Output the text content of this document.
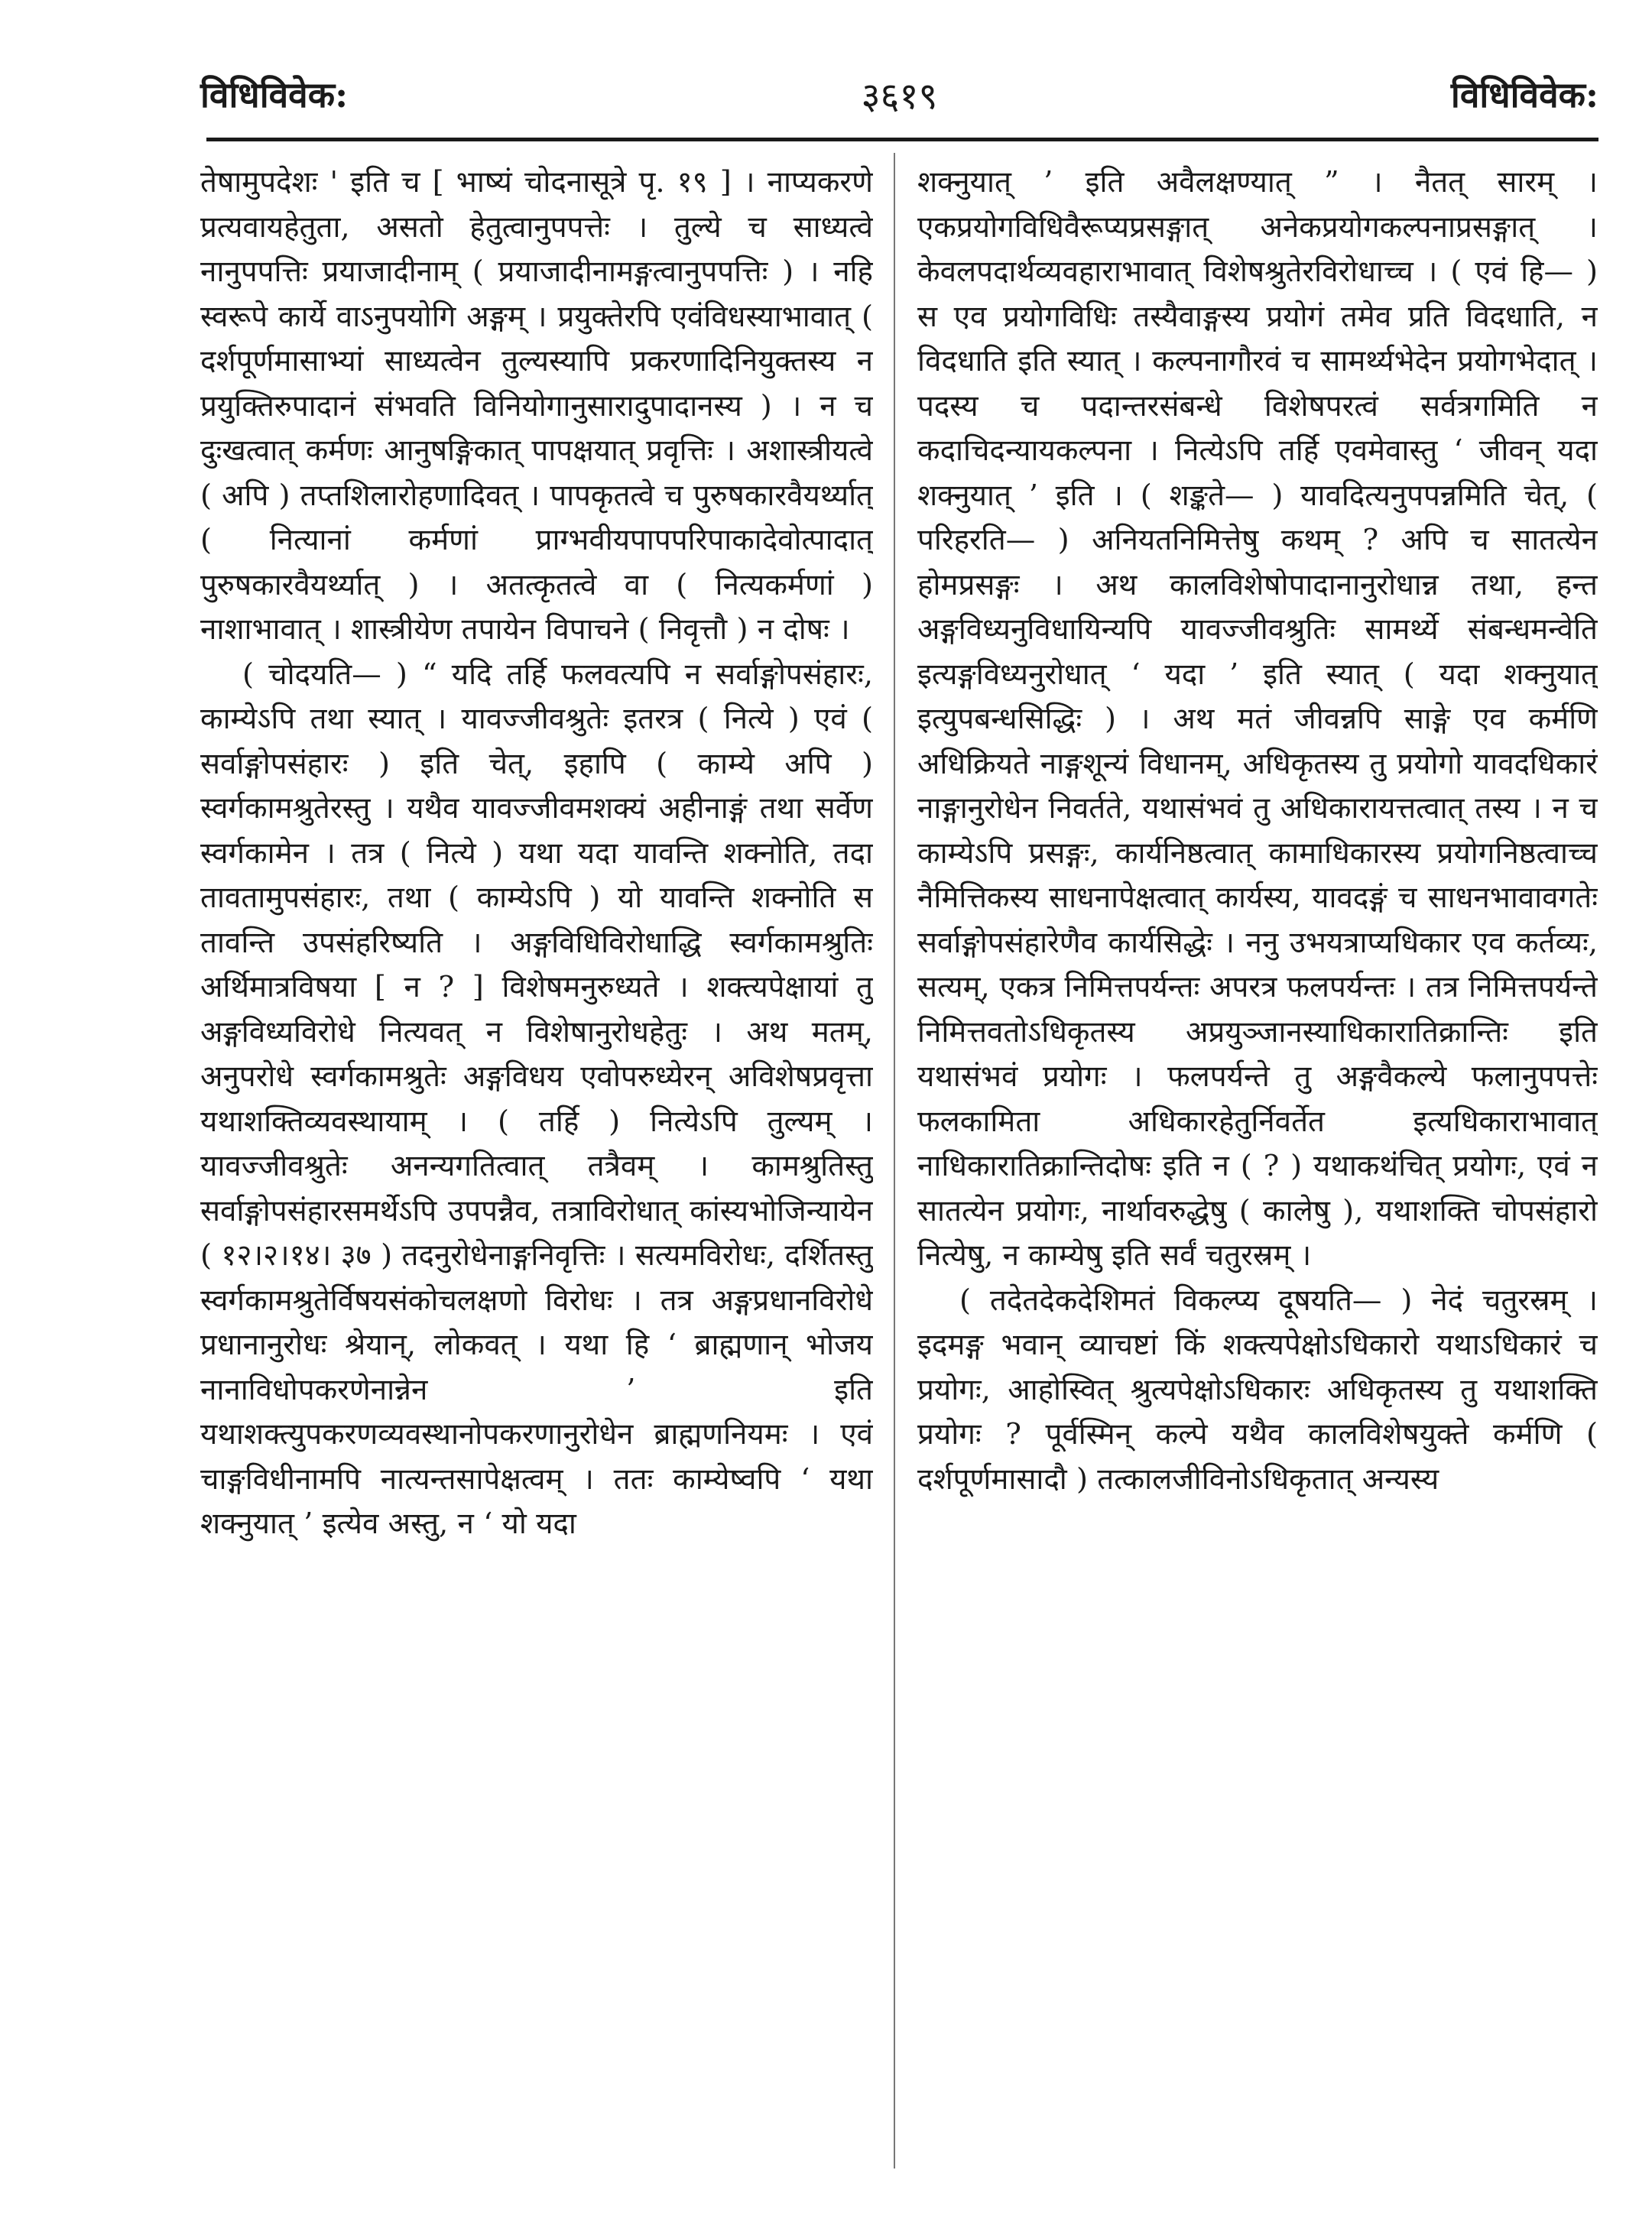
विधिविवेक:	३६१९	विधिविवेक:

तेषामुपदेशः ' इति च [ भाष्यं चोदनासूत्रे पृ. १९ ] । नाप्यकरणे प्रत्यवायहेतुता, असतो हेतुत्वानुपपत्तेः । तुल्ये च साध्यत्वे नानुपपत्तिः प्रयाजादीनाम् ( प्रयाजादीनामङ्गत्वानुपपत्तिः ) । नहि स्वरूपे कार्ये वाऽनुपयोगि अङ्गम् । प्रयुक्तेरपि एवंविधस्याभावात् ( दर्शपूर्णमासाभ्यां साध्यत्वेन तुल्यस्यापि प्रकरणादिनियुक्तस्य न प्रयुक्तिरुपादानं संभवति विनियोगानुसारादुपादानस्य ) । न च दुःखत्वात् कर्मणः आनुषङ्गिकात् पापक्षयात् प्रवृत्तिः । अशास्त्रीयत्वे ( अपि ) तप्तशिलारोहणादिवत् । पापकृतत्वे च पुरुषकारवैयर्थ्यात् ( नित्यानां कर्मणां प्राग्भवीयपापपरिपाकादेवोत्पादात् पुरुषकारवैयर्थ्यात् ) । अतत्कृतत्वे वा ( नित्यकर्मणां ) नाशाभावात् । शास्त्रीयेण तपायेन विपाचने ( निवृत्तौ ) न दोषः ।

( चोदयति— ) “ यदि तर्हि फलवत्यपि न सर्वाङ्गोपसंहारः, काम्येऽपि तथा स्यात् । यावज्जीवश्रुतेः इतरत्र ( नित्ये ) एवं ( सर्वाङ्गोपसंहारः ) इति चेत्, इहापि ( काम्ये अपि ) स्वर्गकामश्रुतेरस्तु । यथैव यावज्जीवमशक्यं अहीनाङ्गं तथा सर्वेण स्वर्गकामेन । तत्र ( नित्ये ) यथा यदा यावन्ति शक्नोति, तदा तावतामुपसंहारः, तथा ( काम्येऽपि ) यो यावन्ति शक्नोति स तावन्ति उपसंहरिष्यति । अङ्गविधिविरोधाद्धि स्वर्गकामश्रुतिः अर्थिमात्रविषया [ न ? ] विशेषमनुरुध्यते । शक्त्यपेक्षायां तु अङ्गविध्यविरोधे नित्यवत् न विशेषानुरोधहेतुः । अथ मतम्, अनुपरोधे स्वर्गकामश्रुतेः अङ्गविधय एवोपरुध्येरन् अविशेषप्रवृत्ता यथाशक्तिव्यवस्थायाम् । ( तर्हि ) नित्येऽपि तुल्यम् । यावज्जीवश्रुतेः अनन्यगतित्वात् तत्रैवम् । कामश्रुतिस्तु सर्वाङ्गोपसंहारसमर्थेऽपि उपपन्नैव, तत्राविरोधात् कांस्यभोजिन्यायेन ( १२।२।१४। ३७ ) तदनुरोधेनाङ्गनिवृत्तिः । सत्यमविरोधः, दर्शितस्तु स्वर्गकामश्रुतेर्विषयसंकोचलक्षणो विरोधः । तत्र अङ्गप्रधानविरोधे प्रधानानुरोधः श्रेयान्, लोकवत् । यथा हि ‘ ब्राह्मणान् भोजय नानाविधोपकरणेनान्नेन ’ इति यथाशक्त्युपकरणव्यवस्थानोपकरणानुरोधेन ब्राह्मणनियमः । एवं चाङ्गविधीनामपि नात्यन्तसापेक्षत्वम् । ततः काम्येष्वपि ‘ यथा शक्नुयात् ’ इत्येव अस्तु, न ‘ यो यदा

शक्नुयात् ’ इति अवैलक्षण्यात् ” । नैतत् सारम् । एकप्रयोगविधिवैरूप्यप्रसङ्गात् अनेकप्रयोगकल्पनाप्रसङ्गात् । केवलपदार्थव्यवहाराभावात् विशेषश्रुतेरविरोधाच्च । ( एवं हि— ) स एव प्रयोगविधिः तस्यैवाङ्गस्य प्रयोगं तमेव प्रति विदधाति, न विदधाति इति स्यात् । कल्पनागौरवं च सामर्थ्यभेदेन प्रयोगभेदात् । पदस्य च पदान्तरसंबन्धे विशेषपरत्वं सर्वत्रगमिति न कदाचिदन्यायकल्पना । नित्येऽपि तर्हि एवमेवास्तु ‘ जीवन् यदा शक्नुयात् ’ इति । ( शङ्कते— ) यावदित्यनुपपन्नमिति चेत्, ( परिहरति— ) अनियतनिमित्तेषु कथम् ? अपि च सातत्येन होमप्रसङ्गः । अथ कालविशेषोपादानानुरोधान्न तथा, हन्त अङ्गविध्यनुविधायिन्यपि यावज्जीवश्रुतिः सामर्थ्ये संबन्धमन्वेति इत्यङ्गविध्यनुरोधात् ‘ यदा ’ इति स्यात् ( यदा शक्नुयात् इत्युपबन्धसिद्धिः ) । अथ मतं जीवन्नपि साङ्गे एव कर्मणि अधिक्रियते नाङ्गशून्यं विधानम्, अधिकृतस्य तु प्रयोगो यावदधिकारं नाङ्गानुरोधेन निवर्तते, यथासंभवं तु अधिकारायत्तत्वात् तस्य । न च काम्येऽपि प्रसङ्गः, कार्यनिष्ठत्वात् कामाधिकारस्य प्रयोगनिष्ठत्वाच्च नैमित्तिकस्य साधनापेक्षत्वात् कार्यस्य, यावदङ्गं च साधनभावावगतेः सर्वाङ्गोपसंहारेणैव कार्यसिद्धेः । ननु उभयत्राप्यधिकार एव कर्तव्यः, सत्यम्, एकत्र निमित्तपर्यन्तः अपरत्र फलपर्यन्तः । तत्र निमित्तपर्यन्ते निमित्तवतोऽधिकृतस्य अप्रयुञ्जानस्याधिकारातिक्रान्तिः इति यथासंभवं प्रयोगः । फलपर्यन्ते तु अङ्गवैकल्ये फलानुपपत्तेः फलकामिता अधिकारहेतुर्निवर्तेत इत्यधिकाराभावात् नाधिकारातिक्रान्तिदोषः इति न ( ? ) यथाकथंचित् प्रयोगः, एवं न सातत्येन प्रयोगः, नार्थावरुद्धेषु ( कालेषु ), यथाशक्ति चोपसंहारो नित्येषु, न काम्येषु इति सर्वं चतुरस्रम् ।

( तदेतदेकदेशिमतं विकल्प्य दूषयति— ) नेदं चतुरस्रम् । इदमङ्ग भवान् व्याचष्टां किं शक्त्यपेक्षोऽधिकारो यथाऽधिकारं च प्रयोगः, आहोस्वित् श्रुत्यपेक्षोऽधिकारः अधिकृतस्य तु यथाशक्ति प्रयोगः ? पूर्वस्मिन् कल्पे यथैव कालविशेषयुक्ते कर्मणि ( दर्शपूर्णमासादौ ) तत्कालजीविनोऽधिकृतात् अन्यस्य
